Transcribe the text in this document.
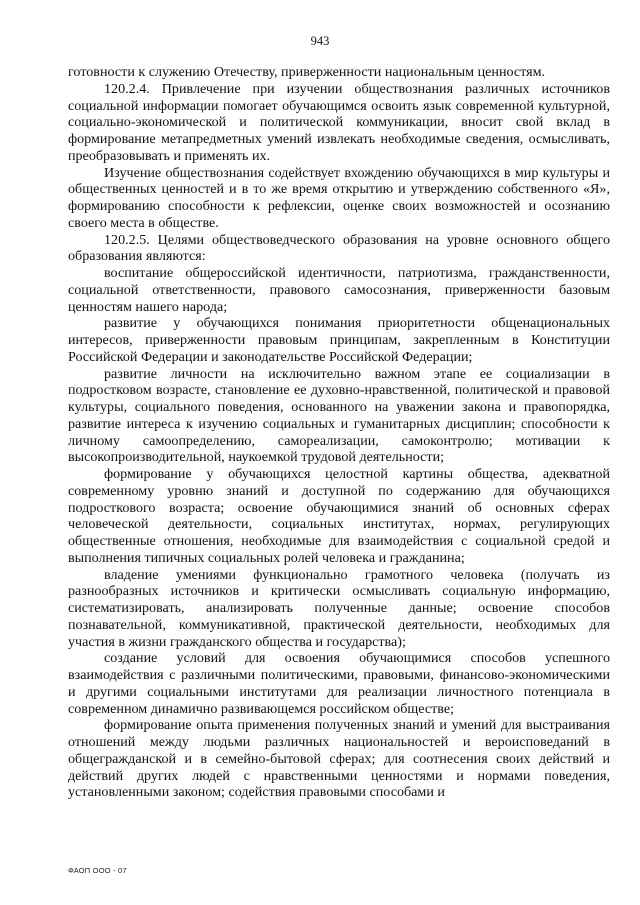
943

готовности к служению Отечеству, приверженности национальным ценностям.

120.2.4. Привлечение при изучении обществознания различных источников социальной информации помогает обучающимся освоить язык современной культурной, социально-экономической и политической коммуникации, вносит свой вклад в формирование метапредметных умений извлекать необходимые сведения, осмысливать, преобразовывать и применять их.

Изучение обществознания содействует вхождению обучающихся в мир культуры и общественных ценностей и в то же время открытию и утверждению собственного «Я», формированию способности к рефлексии, оценке своих возможностей и осознанию своего места в обществе.

120.2.5. Целями обществоведческого образования на уровне основного общего образования являются:

воспитание общероссийской идентичности, патриотизма, гражданственности, социальной ответственности, правового самосознания, приверженности базовым ценностям нашего народа;

развитие у обучающихся понимания приоритетности общенациональных интересов, приверженности правовым принципам, закрепленным в Конституции Российской Федерации и законодательстве Российской Федерации;

развитие личности на исключительно важном этапе ее социализации в подростковом возрасте, становление ее духовно-нравственной, политической и правовой культуры, социального поведения, основанного на уважении закона и правопорядка, развитие интереса к изучению социальных и гуманитарных дисциплин; способности к личному самоопределению, самореализации, самоконтролю; мотивации к высокопроизводительной, наукоемкой трудовой деятельности;

формирование у обучающихся целостной картины общества, адекватной современному уровню знаний и доступной по содержанию для обучающихся подросткового возраста; освоение обучающимися знаний об основных сферах человеческой деятельности, социальных институтах, нормах, регулирующих общественные отношения, необходимые для взаимодействия с социальной средой и выполнения типичных социальных ролей человека и гражданина;

владение умениями функционально грамотного человека (получать из разнообразных источников и критически осмысливать социальную информацию, систематизировать, анализировать полученные данные; освоение способов познавательной, коммуникативной, практической деятельности, необходимых для участия в жизни гражданского общества и государства);

создание условий для освоения обучающимися способов успешного взаимодействия с различными политическими, правовыми, финансово-экономическими и другими социальными институтами для реализации личностного потенциала в современном динамично развивающемся российском обществе;

формирование опыта применения полученных знаний и умений для выстраивания отношений между людьми различных национальностей и вероисповеданий в общегражданской и в семейно-бытовой сферах; для соотнесения своих действий и действий других людей с нравственными ценностями и нормами поведения, установленными законом; содействия правовыми способами и

ФАОП ООО - 07
